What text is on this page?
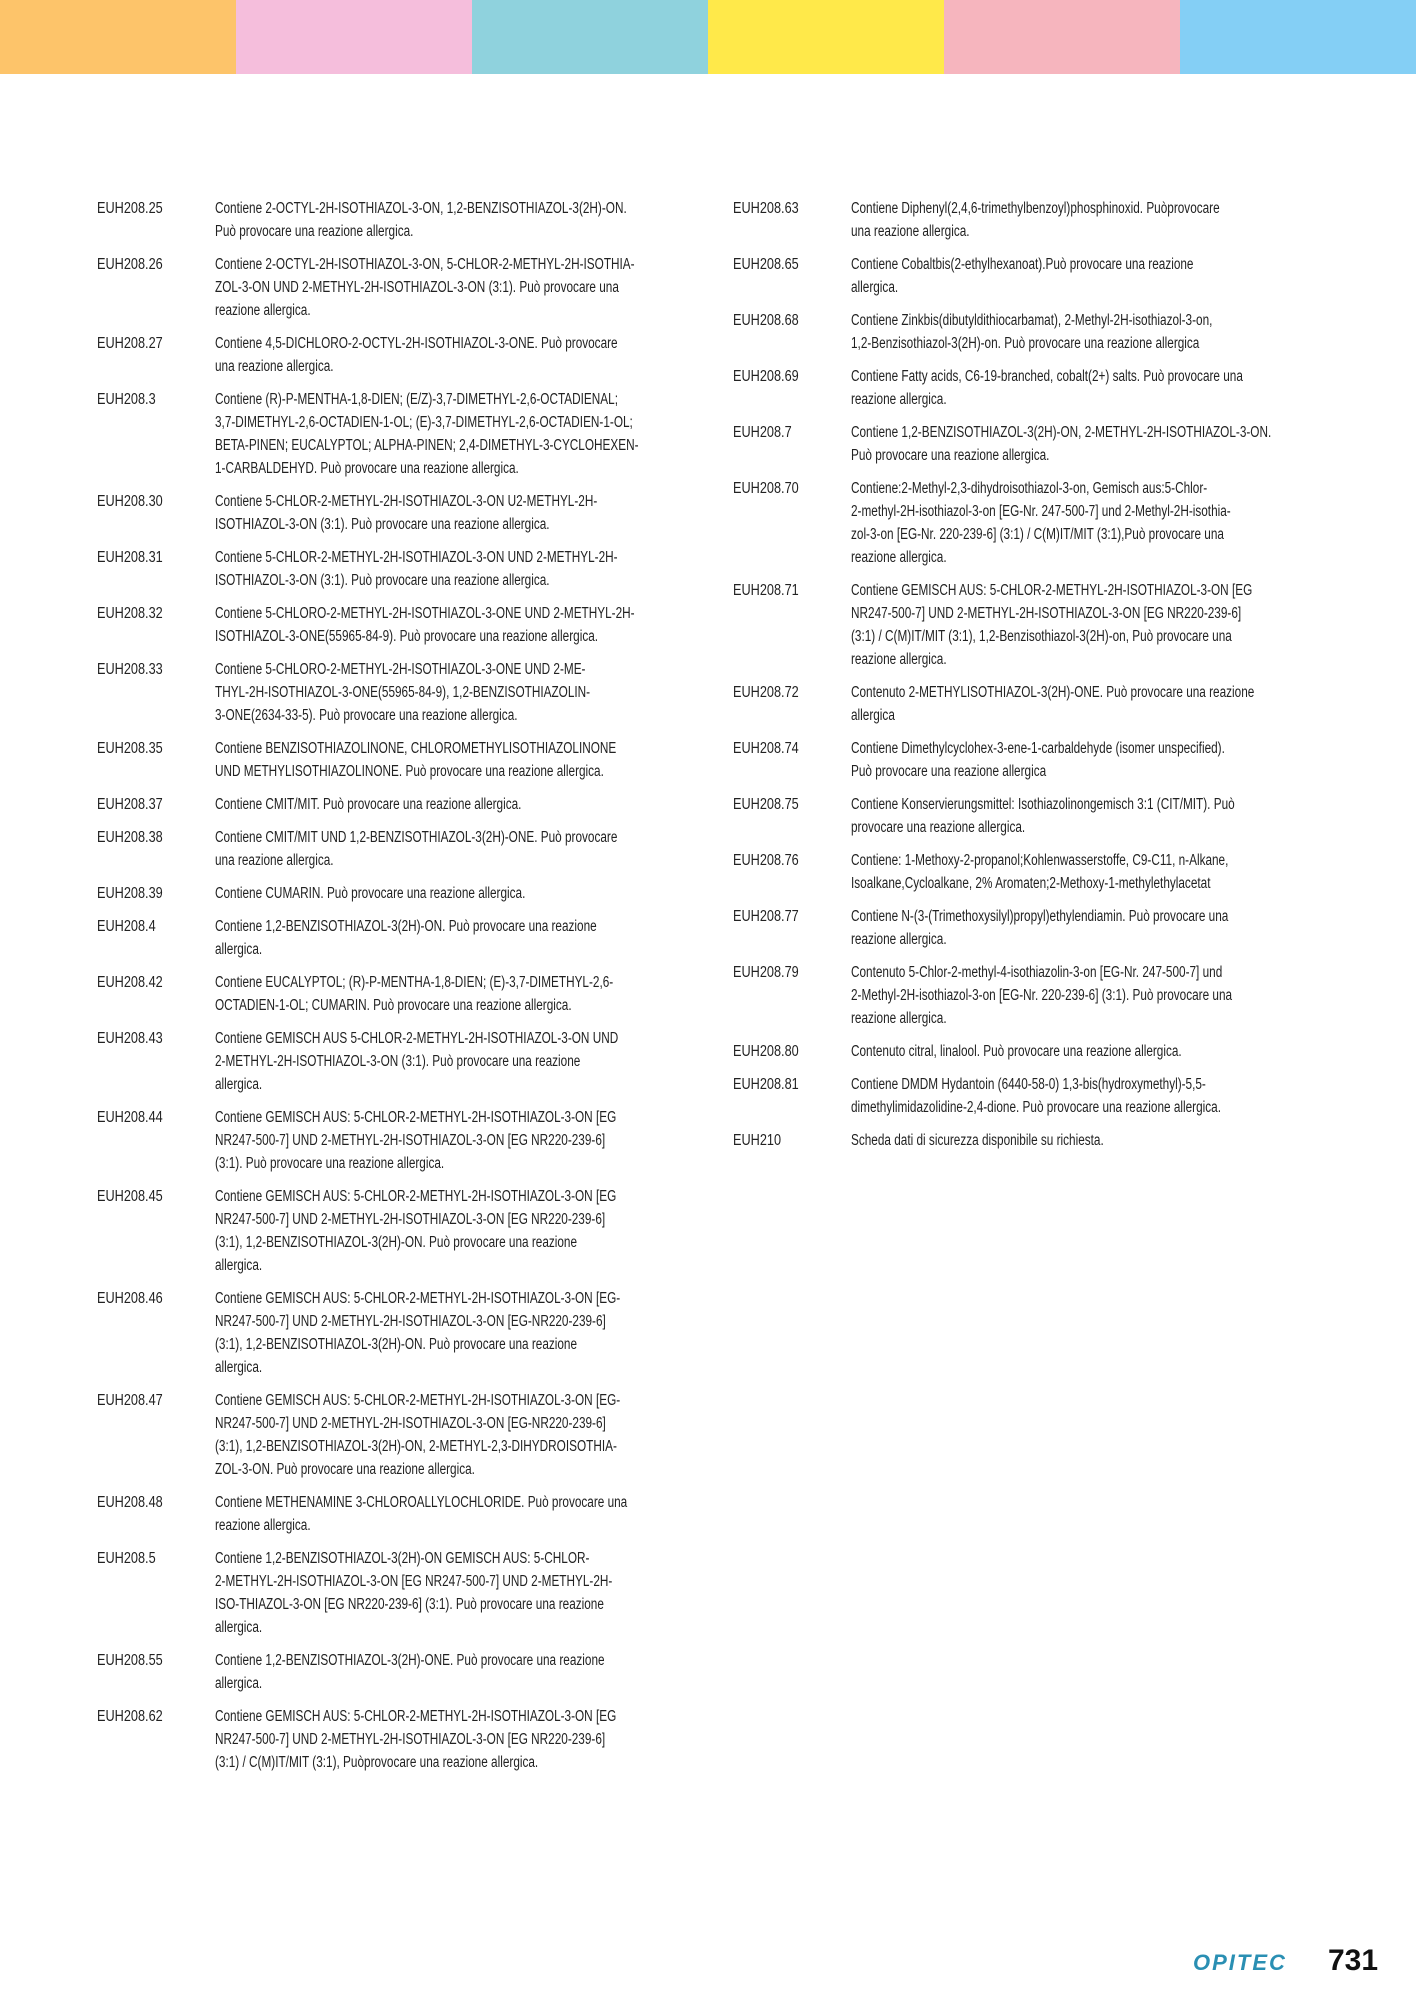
EUH208.25	Contiene 2-OCTYL-2H-ISOTHIAZOL-3-ON, 1,2-BENZISOTHIAZOL-3(2H)-ON.
Può provocare una reazione allergica.
EUH208.26	Contiene 2-OCTYL-2H-ISOTHIAZOL-3-ON, 5-CHLOR-2-METHYL-2H-ISOTHIA-
ZOL-3-ON UND 2-METHYL-2H-ISOTHIAZOL-3-ON (3:1). Può provocare una
reazione allergica.
EUH208.27	Contiene 4,5-DICHLORO-2-OCTYL-2H-ISOTHIAZOL-3-ONE. Può provocare
una reazione allergica.
EUH208.3	Contiene (R)-P-MENTHA-1,8-DIEN; (E/Z)-3,7-DIMETHYL-2,6-OCTADIENAL;
3,7-DIMETHYL-2,6-OCTADIEN-1-OL; (E)-3,7-DIMETHYL-2,6-OCTADIEN-1-OL;
BETA-PINEN; EUCALYPTOL; ALPHA-PINEN; 2,4-DIMETHYL-3-CYCLOHEXEN-
1-CARBALDEHYD. Può provocare una reazione allergica.
EUH208.30	Contiene 5-CHLOR-2-METHYL-2H-ISOTHIAZOL-3-ON U2-METHYL-2H-
ISOTHIAZOL-3-ON (3:1). Può provocare una reazione allergica.
EUH208.31	Contiene 5-CHLOR-2-METHYL-2H-ISOTHIAZOL-3-ON UND 2-METHYL-2H-
ISOTHIAZOL-3-ON (3:1). Può provocare una reazione allergica.
EUH208.32	Contiene 5-CHLORO-2-METHYL-2H-ISOTHIAZOL-3-ONE UND 2-METHYL-2H-
ISOTHIAZOL-3-ONE(55965-84-9). Può provocare una reazione allergica.
EUH208.33	Contiene 5-CHLORO-2-METHYL-2H-ISOTHIAZOL-3-ONE UND 2-ME-
THYL-2H-ISOTHIAZOL-3-ONE(55965-84-9), 1,2-BENZISOTHIAZOLIN-
3-ONE(2634-33-5). Può provocare una reazione allergica.
EUH208.35	Contiene BENZISOTHIAZOLINONE, CHLOROMETHYLISOTHIAZOLINONE
UND METHYLISOTHIAZOLINONE. Può provocare una reazione allergica.
EUH208.37	Contiene CMIT/MIT. Può provocare una reazione allergica.
EUH208.38	Contiene CMIT/MIT UND 1,2-BENZISOTHIAZOL-3(2H)-ONE. Può provocare
una reazione allergica.
EUH208.39	Contiene CUMARIN. Può provocare una reazione allergica.
EUH208.4	Contiene 1,2-BENZISOTHIAZOL-3(2H)-ON. Può provocare una reazione
allergica.
EUH208.42	Contiene EUCALYPTOL; (R)-P-MENTHA-1,8-DIEN; (E)-3,7-DIMETHYL-2,6-
OCTADIEN-1-OL; CUMARIN. Può provocare una reazione allergica.
EUH208.43	Contiene GEMISCH AUS 5-CHLOR-2-METHYL-2H-ISOTHIAZOL-3-ON UND
2-METHYL-2H-ISOTHIAZOL-3-ON (3:1). Può provocare una reazione
allergica.
EUH208.44	Contiene GEMISCH AUS: 5-CHLOR-2-METHYL-2H-ISOTHIAZOL-3-ON [EG
NR247-500-7] UND 2-METHYL-2H-ISOTHIAZOL-3-ON [EG NR220-239-6]
(3:1). Può provocare una reazione allergica.
EUH208.45	Contiene GEMISCH AUS: 5-CHLOR-2-METHYL-2H-ISOTHIAZOL-3-ON [EG
NR247-500-7] UND 2-METHYL-2H-ISOTHIAZOL-3-ON [EG NR220-239-6]
(3:1), 1,2-BENZISOTHIAZOL-3(2H)-ON. Può provocare una reazione
allergica.
EUH208.46	Contiene GEMISCH AUS: 5-CHLOR-2-METHYL-2H-ISOTHIAZOL-3-ON [EG-
NR247-500-7] UND 2-METHYL-2H-ISOTHIAZOL-3-ON [EG-NR220-239-6]
(3:1), 1,2-BENZISOTHIAZOL-3(2H)-ON. Può provocare una reazione
allergica.
EUH208.47	Contiene GEMISCH AUS: 5-CHLOR-2-METHYL-2H-ISOTHIAZOL-3-ON [EG-
NR247-500-7] UND 2-METHYL-2H-ISOTHIAZOL-3-ON [EG-NR220-239-6]
(3:1), 1,2-BENZISOTHIAZOL-3(2H)-ON, 2-METHYL-2,3-DIHYDROISOTHIA-
ZOL-3-ON. Può provocare una reazione allergica.
EUH208.48	Contiene METHENAMINE 3-CHLOROALLYLOCHLORIDE. Può provocare una
reazione allergica.
EUH208.5	Contiene 1,2-BENZISOTHIAZOL-3(2H)-ON GEMISCH AUS: 5-CHLOR-
2-METHYL-2H-ISOTHIAZOL-3-ON [EG NR247-500-7] UND 2-METHYL-2H-
ISO-THIAZOL-3-ON [EG NR220-239-6] (3:1). Può provocare una reazione
allergica.
EUH208.55	Contiene 1,2-BENZISOTHIAZOL-3(2H)-ONE. Può provocare una reazione
allergica.
EUH208.62	Contiene GEMISCH AUS: 5-CHLOR-2-METHYL-2H-ISOTHIAZOL-3-ON [EG
NR247-500-7] UND 2-METHYL-2H-ISOTHIAZOL-3-ON [EG NR220-239-6]
(3:1) / C(M)IT/MIT (3:1), Puòprovocare una reazione allergica.
EUH208.63	Contiene Diphenyl(2,4,6-trimethylbenzoyl)phosphinoxid. Puòprovocare
una reazione allergica.
EUH208.65	Contiene Cobaltbis(2-ethylhexanoat).Può provocare una reazione
allergica.
EUH208.68	Contiene Zinkbis(dibutyldithiocarbamat), 2-Methyl-2H-isothiazol-3-on,
1,2-Benzisothiazol-3(2H)-on. Può provocare una reazione allergica
EUH208.69	Contiene Fatty acids, C6-19-branched, cobalt(2+) salts. Può provocare una
reazione allergica.
EUH208.7	Contiene 1,2-BENZISOTHIAZOL-3(2H)-ON, 2-METHYL-2H-ISOTHIAZOL-3-ON.
Può provocare una reazione allergica.
EUH208.70	Contiene:2-Methyl-2,3-dihydroisothiazol-3-on, Gemisch aus:5-Chlor-
2-methyl-2H-isothiazol-3-on [EG-Nr. 247-500-7] und 2-Methyl-2H-isothia-
zol-3-on [EG-Nr. 220-239-6] (3:1) / C(M)IT/MIT (3:1),Può provocare una
reazione allergica.
EUH208.71	Contiene GEMISCH AUS: 5-CHLOR-2-METHYL-2H-ISOTHIAZOL-3-ON [EG
NR247-500-7] UND 2-METHYL-2H-ISOTHIAZOL-3-ON [EG NR220-239-6]
(3:1) / C(M)IT/MIT (3:1), 1,2-Benzisothiazol-3(2H)-on, Può provocare una
reazione allergica.
EUH208.72	Contenuto 2-METHYLISOTHIAZOL-3(2H)-ONE. Può provocare una reazione
allergica
EUH208.74	Contiene Dimethylcyclohex-3-ene-1-carbaldehyde (isomer unspecified).
Può provocare una reazione allergica
EUH208.75	Contiene Konservierungsmittel: Isothiazolinongemisch 3:1 (CIT/MIT). Può
provocare una reazione allergica.
EUH208.76	Contiene: 1-Methoxy-2-propanol;Kohlenwasserstoffe, C9-C11, n-Alkane,
Isoalkane,Cycloalkane, 2% Aromaten;2-Methoxy-1-methylethylacetat
EUH208.77	Contiene N-(3-(Trimethoxysilyl)propyl)ethylendiamin. Può provocare una
reazione allergica.
EUH208.79	Contenuto 5-Chlor-2-methyl-4-isothiazolin-3-on [EG-Nr. 247-500-7] und
2-Methyl-2H-isothiazol-3-on [EG-Nr. 220-239-6] (3:1). Può provocare una
reazione allergica.
EUH208.80	Contenuto citral, linalool. Può provocare una reazione allergica.
EUH208.81	Contiene DMDM Hydantoin (6440-58-0) 1,3-bis(hydroxymethyl)-5,5-
dimethylimidazolidine-2,4-dione. Può provocare una reazione allergica.
EUH210	Scheda dati di sicurezza disponibile su richiesta.
OPITEC 731
